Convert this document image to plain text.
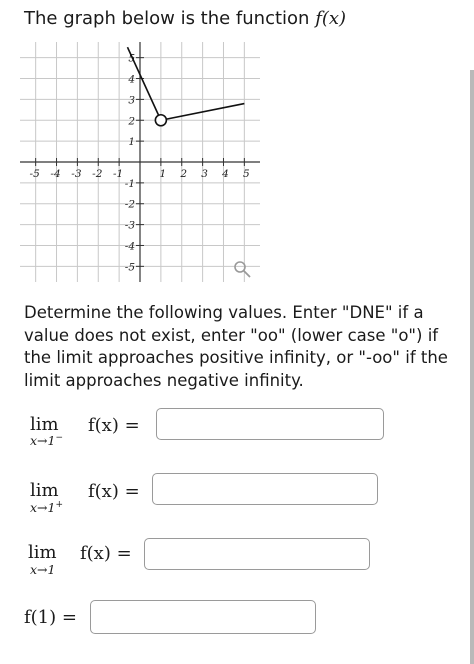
The graph below is the function f(x)
-5 -4 -3 -2 -1	1 2 3 4 5
5
4
3
2
1
-1
-2
-3
-4
-5
Determine the following values. Enter "DNE" if a value does not exist, enter "oo" (lower case "o") if the limit approaches positive infinity, or "-oo" if the limit approaches negative infinity.
lim
x→1−
f(x) =
lim
x→1+
f(x) =
lim
x→1
f(x) =
f(1) =
